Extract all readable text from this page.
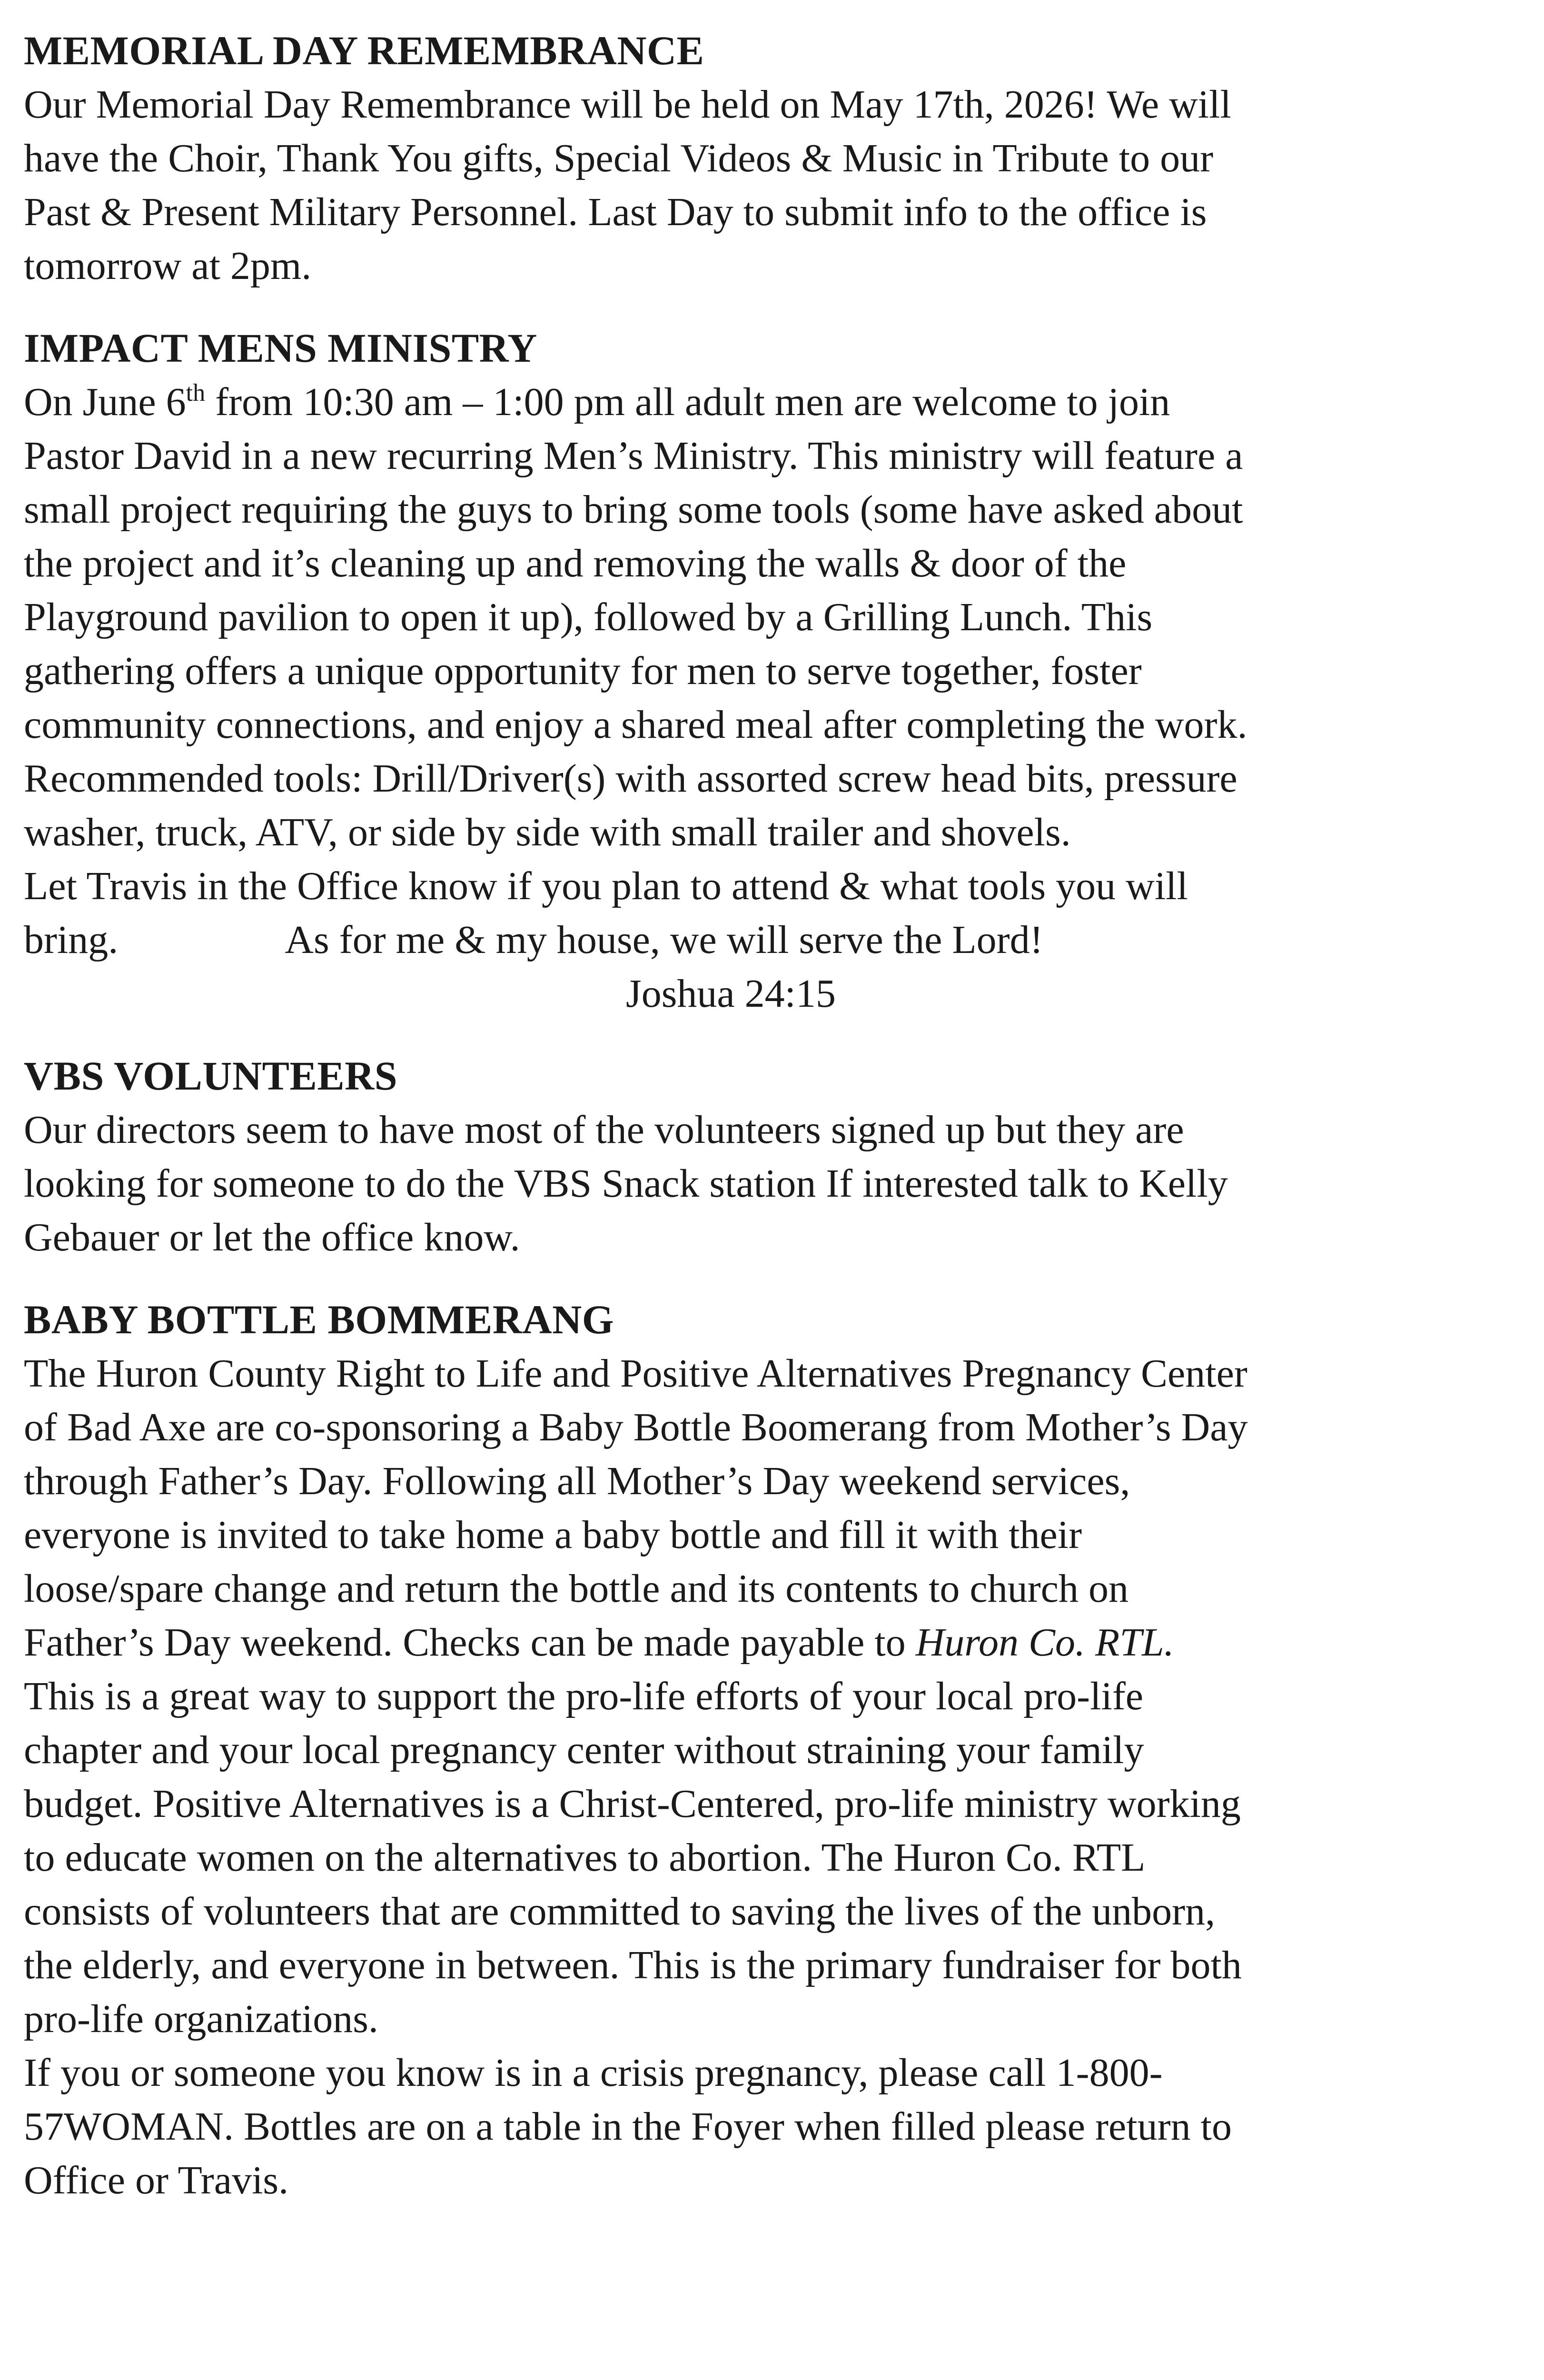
MEMORIAL DAY REMEMBRANCE

Our Memorial Day Remembrance will be held on May 17th, 2026! We will
have the Choir, Thank You gifts, Special Videos & Music in Tribute to our
Past & Present Military Personnel. Last Day to submit info to the office is
tomorrow at 2pm.

IMPACT MENS MINISTRY

On June 6th from 10:30 am – 1:00 pm all adult men are welcome to join
Pastor David in a new recurring Men’s Ministry. This ministry will feature a
small project requiring the guys to bring some tools (some have asked about
the project and it’s cleaning up and removing the walls & door of the
Playground pavilion to open it up), followed by a Grilling Lunch. This
gathering offers a unique opportunity for men to serve together, foster
community connections, and enjoy a shared meal after completing the work.
Recommended tools: Drill/Driver(s) with assorted screw head bits, pressure
washer, truck, ATV, or side by side with small trailer and shovels.
Let Travis in the Office know if you plan to attend & what tools you will
bring.	As for me & my house, we will serve the Lord!
Joshua 24:15

VBS VOLUNTEERS

Our directors seem to have most of the volunteers signed up but they are
looking for someone to do the VBS Snack station If interested talk to Kelly
Gebauer or let the office know.

BABY BOTTLE BOMMERANG

The Huron County Right to Life and Positive Alternatives Pregnancy Center
of Bad Axe are co-sponsoring a Baby Bottle Boomerang from Mother’s Day
through Father’s Day. Following all Mother’s Day weekend services,
everyone is invited to take home a baby bottle and fill it with their
loose/spare change and return the bottle and its contents to church on
Father’s Day weekend. Checks can be made payable to Huron Co. RTL.
This is a great way to support the pro-life efforts of your local pro-life
chapter and your local pregnancy center without straining your family
budget. Positive Alternatives is a Christ-Centered, pro-life ministry working
to educate women on the alternatives to abortion. The Huron Co. RTL
consists of volunteers that are committed to saving the lives of the unborn,
the elderly, and everyone in between. This is the primary fundraiser for both
pro-life organizations.
If you or someone you know is in a crisis pregnancy, please call 1-800-
57WOMAN. Bottles are on a table in the Foyer when filled please return to
Office or Travis.
